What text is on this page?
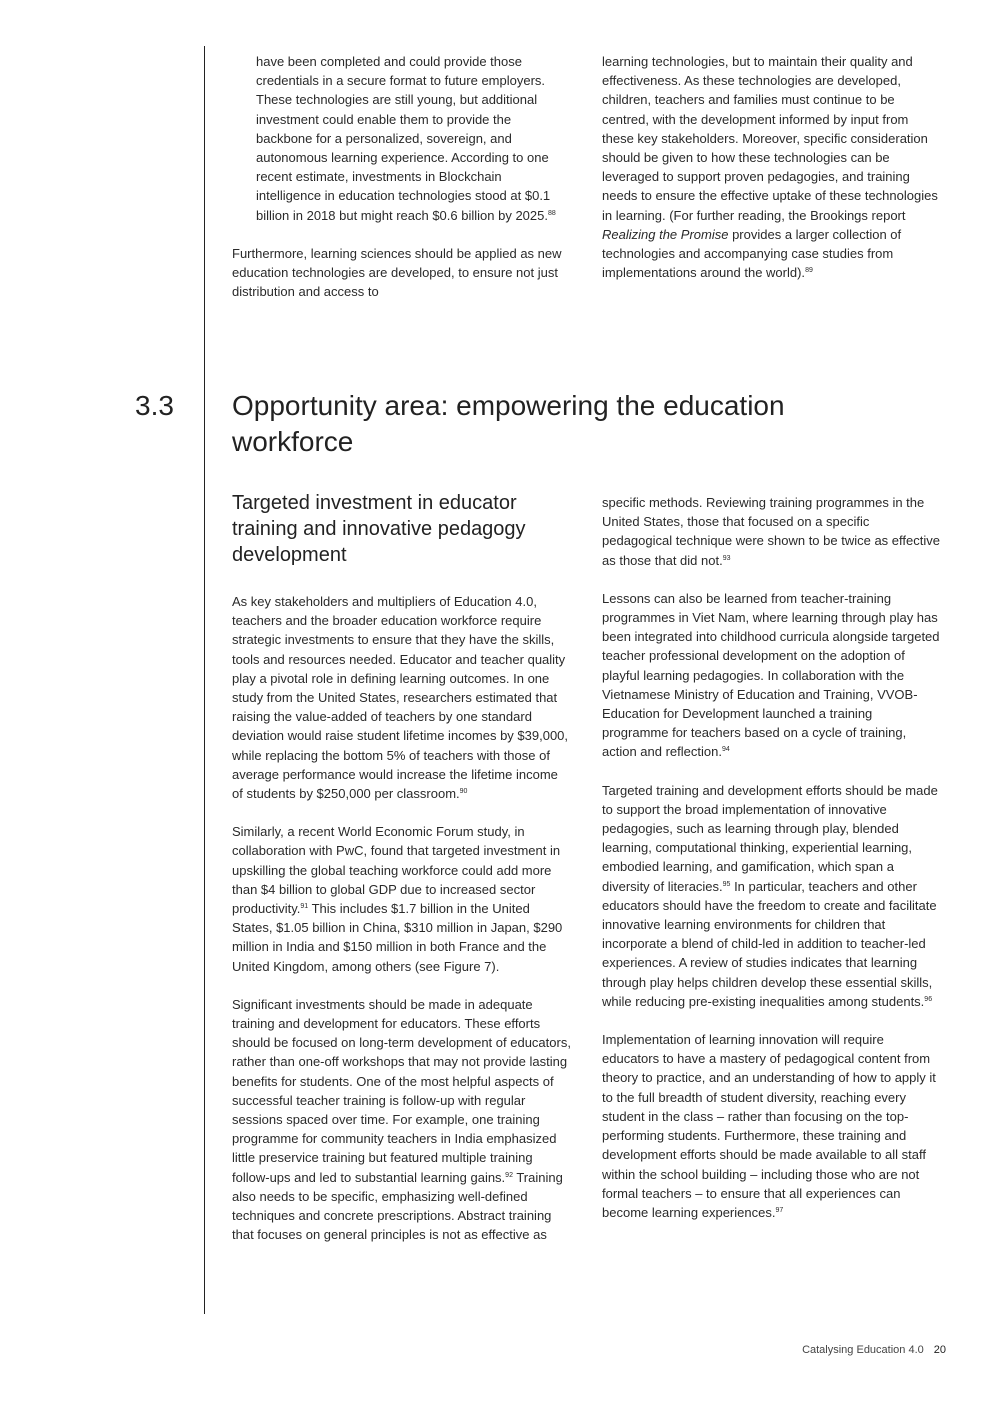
have been completed and could provide those credentials in a secure format to future employers. These technologies are still young, but additional investment could enable them to provide the backbone for a personalized, sovereign, and autonomous learning experience. According to one recent estimate, investments in Blockchain intelligence in education technologies stood at $0.1 billion in 2018 but might reach $0.6 billion by 2025.88

Furthermore, learning sciences should be applied as new education technologies are developed, to ensure not just distribution and access to

learning technologies, but to maintain their quality and effectiveness. As these technologies are developed, children, teachers and families must continue to be centred, with the development informed by input from these key stakeholders. Moreover, specific consideration should be given to how these technologies can be leveraged to support proven pedagogies, and training needs to ensure the effective uptake of these technologies in learning. (For further reading, the Brookings report Realizing the Promise provides a larger collection of technologies and accompanying case studies from implementations around the world).$^{89}$

3.3 Opportunity area: empowering the education workforce
Targeted investment in educator training and innovative pedagogy development

As key stakeholders and multipliers of Education 4.0, teachers and the broader education workforce require strategic investments to ensure that they have the skills, tools and resources needed. Educator and teacher quality play a pivotal role in defining learning outcomes. In one study from the United States, researchers estimated that raising the value-added of teachers by one standard deviation would raise student lifetime incomes by $39,000, while replacing the bottom 5% of teachers with those of average performance would increase the lifetime income of students by $250,000 per classroom.$^{90}$

Similarly, a recent World Economic Forum study, in collaboration with PwC, found that targeted investment in upskilling the global teaching workforce could add more than $4 billion to global GDP due to increased sector productivity.$^{91}$ This includes $1.7 billion in the United States, $1.05 billion in China, $310 million in Japan, $290 million in India and $150 million in both France and the United Kingdom, among others (see Figure 7).

Significant investments should be made in adequate training and development for educators. These efforts should be focused on long-term development of educators, rather than one-off workshops that may not provide lasting benefits for students. One of the most helpful aspects of successful teacher training is follow-up with regular sessions spaced over time. For example, one training programme for community teachers in India emphasized little preservice training but featured multiple training follow-ups and led to substantial learning gains.$^{92}$ Training also needs to be specific, emphasizing well-defined techniques and concrete prescriptions. Abstract training that focuses on general principles is not as effective as

specific methods. Reviewing training programmes in the United States, those that focused on a specific pedagogical technique were shown to be twice as effective as those that did not.$^{93}$

Lessons can also be learned from teacher-training programmes in Viet Nam, where learning through play has been integrated into childhood curricula alongside targeted teacher professional development on the adoption of playful learning pedagogies. In collaboration with the Vietnamese Ministry of Education and Training, VVOB-Education for Development launched a training programme for teachers based on a cycle of training, action and reflection.$^{94}$

Targeted training and development efforts should be made to support the broad implementation of innovative pedagogies, such as learning through play, blended learning, computational thinking, experiential learning, embodied learning, and gamification, which span a diversity of literacies.$^{95}$ In particular, teachers and other educators should have the freedom to create and facilitate innovative learning environments for children that incorporate a blend of child-led in addition to teacher-led experiences. A review of studies indicates that learning through play helps children develop these essential skills, while reducing pre-existing inequalities among students.$^{96}$

Implementation of learning innovation will require educators to have a mastery of pedagogical content from theory to practice, and an understanding of how to apply it to the full breadth of student diversity, reaching every student in the class – rather than focusing on the top-performing students. Furthermore, these training and development efforts should be made available to all staff within the school building – including those who are not formal teachers – to ensure that all experiences can become learning experiences.$^{97}$

Catalysing Education 4.0 20
